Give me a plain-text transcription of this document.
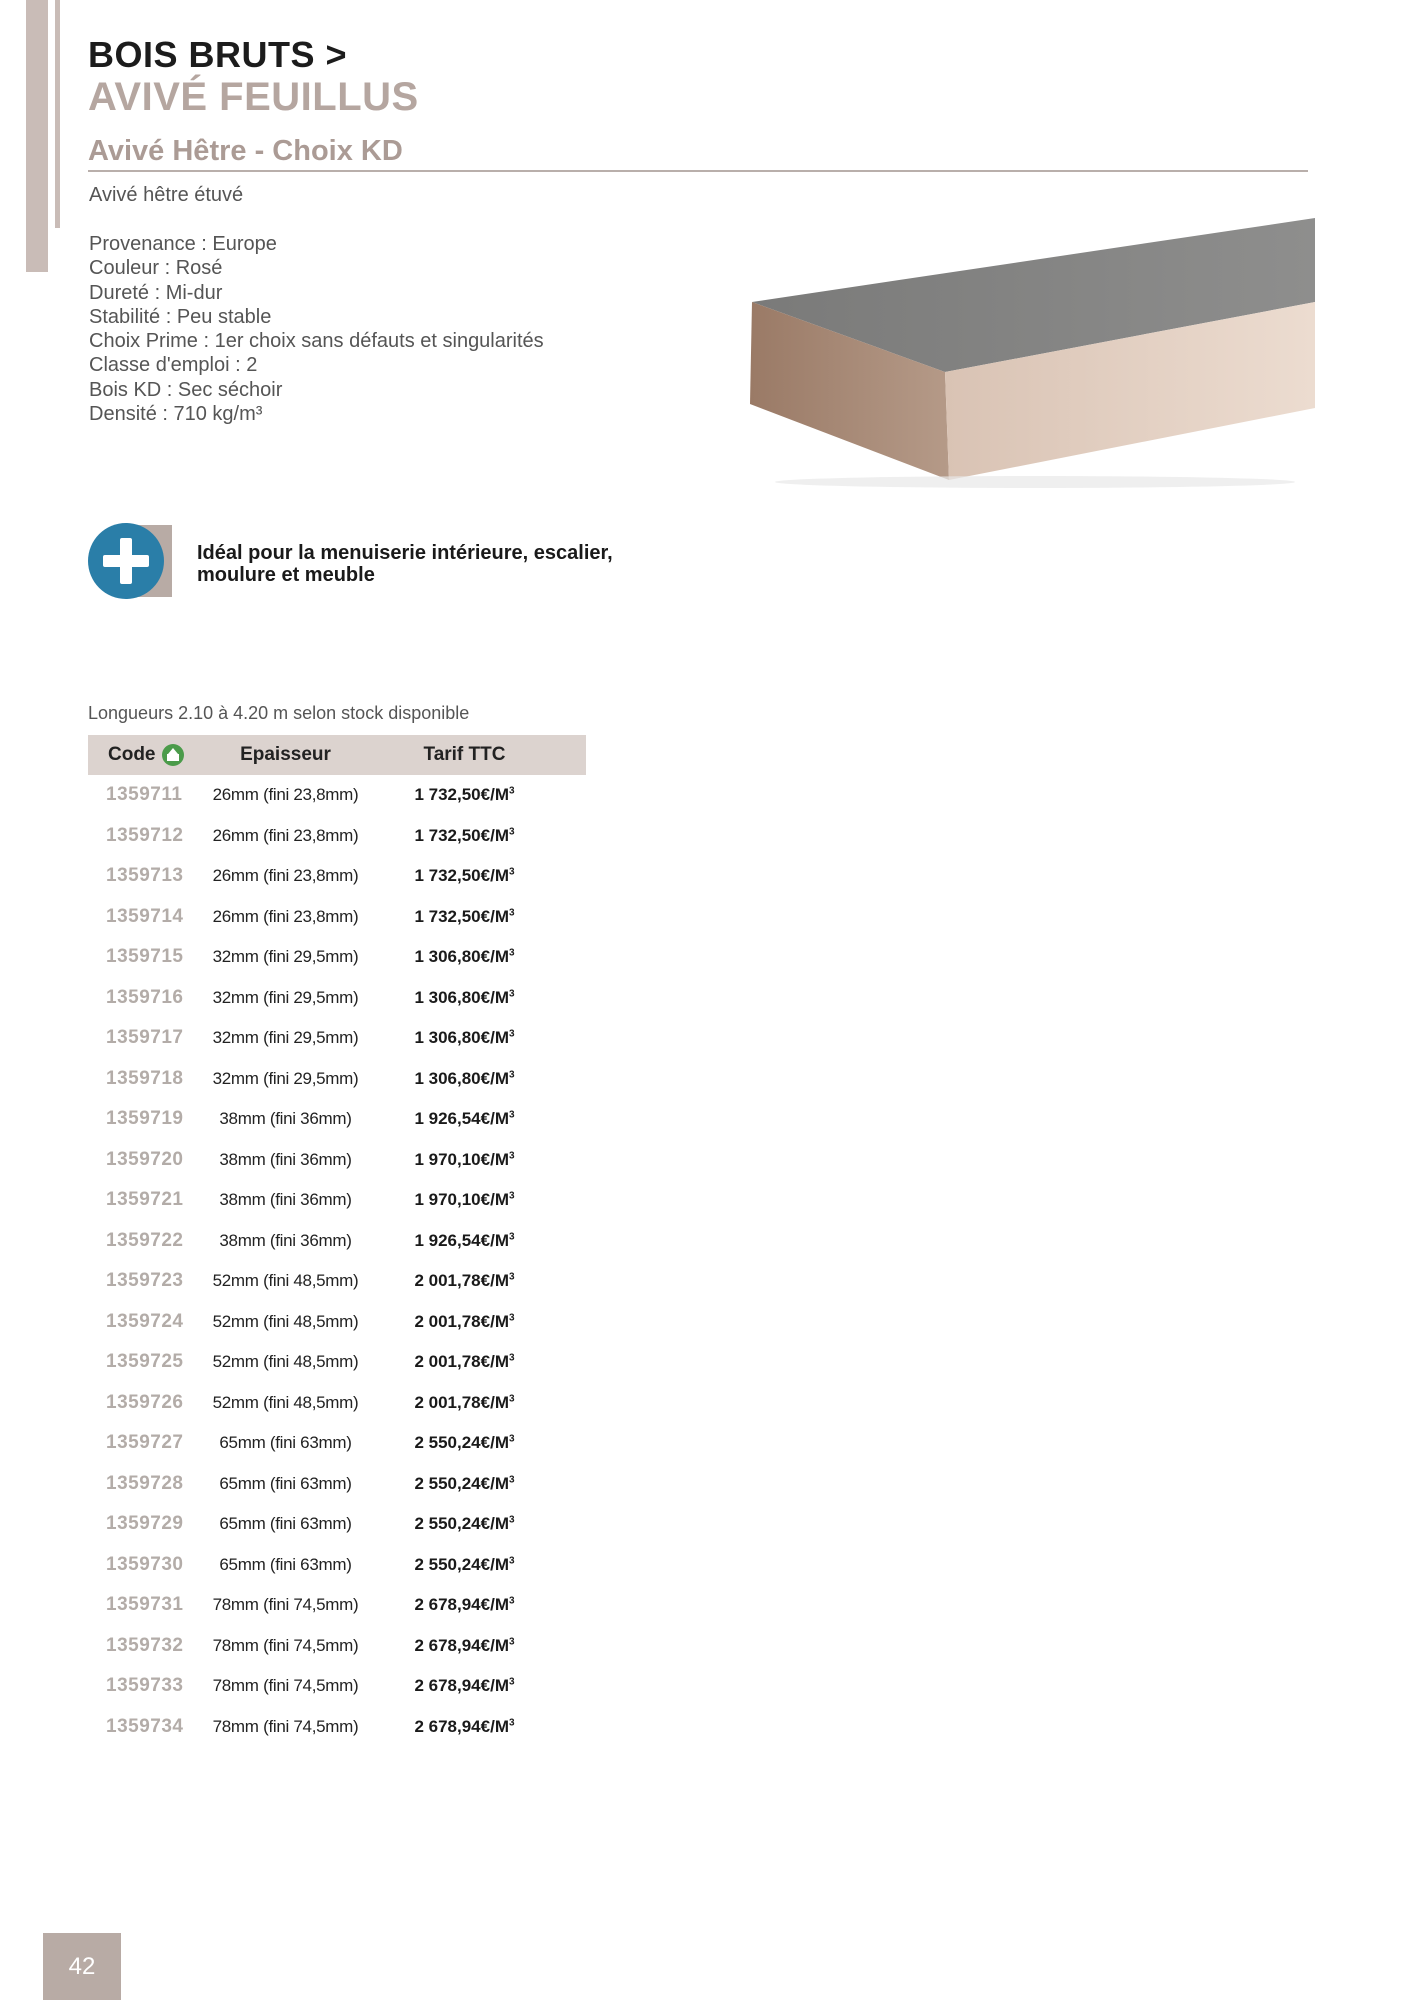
BOIS BRUTS >
AVIVÉ FEUILLUS
Avivé Hêtre - Choix KD
Avivé hêtre étuvé
Provenance : Europe
Couleur : Rosé
Dureté : Mi-dur
Stabilité : Peu stable
Choix Prime : 1er choix sans défauts et singularités
Classe d'emploi : 2
Bois KD : Sec séchoir
Densité : 710 kg/m³
Idéal pour la menuiserie intérieure, escalier,
moulure et meuble
Longueurs 2.10 à 4.20 m selon stock disponible
Code	Epaisseur	Tarif TTC
1359711	26mm (fini 23,8mm)	1 $732,50€/M^3$
1359712	26mm (fini 23,8mm)	1 $732,50€/M^3$
1359713	26mm (fini 23,8mm)	1 $732,50€/M^3$
1359714	26mm (fini 23,8mm)	1 $732,50€/M^3$
1359715	32mm (fini 29,5mm)	1 $306,80€/M^3$
1359716	32mm (fini 29,5mm)	1 $306,80€/M^3$
1359717	32mm (fini 29,5mm)	1 $306,80€/M^3$
1359718	32mm (fini 29,5mm)	1 $306,80€/M^3$
1359719	38mm (fini 36mm)	1 $926,54€/M^3$
1359720	38mm (fini 36mm)	1 $970,10€/M^3$
1359721	38mm (fini 36mm)	1 $970,10€/M^3$
1359722	38mm (fini 36mm)	1 $926,54€/M^3$
1359723	52mm (fini 48,5mm)	2 $001,78€/M^3$
1359724	52mm (fini 48,5mm)	2 $001,78€/M^3$
1359725	52mm (fini 48,5mm)	2 $001,78€/M^3$
1359726	52mm (fini 48,5mm)	2 $001,78€/M^3$
1359727	65mm (fini 63mm)	2 $550,24€/M^3$
1359728	65mm (fini 63mm)	2 $550,24€/M^3$
1359729	65mm (fini 63mm)	2 $550,24€/M^3$
1359730	65mm (fini 63mm)	2 $550,24€/M^3$
1359731	78mm (fini 74,5mm)	2 $678,94€/M^3$
1359732	78mm (fini 74,5mm)	2 $678,94€/M^3$
1359733	78mm (fini 74,5mm)	2 $678,94€/M^3$
1359734	78mm (fini 74,5mm)	2 $678,94€/M^3$
42
